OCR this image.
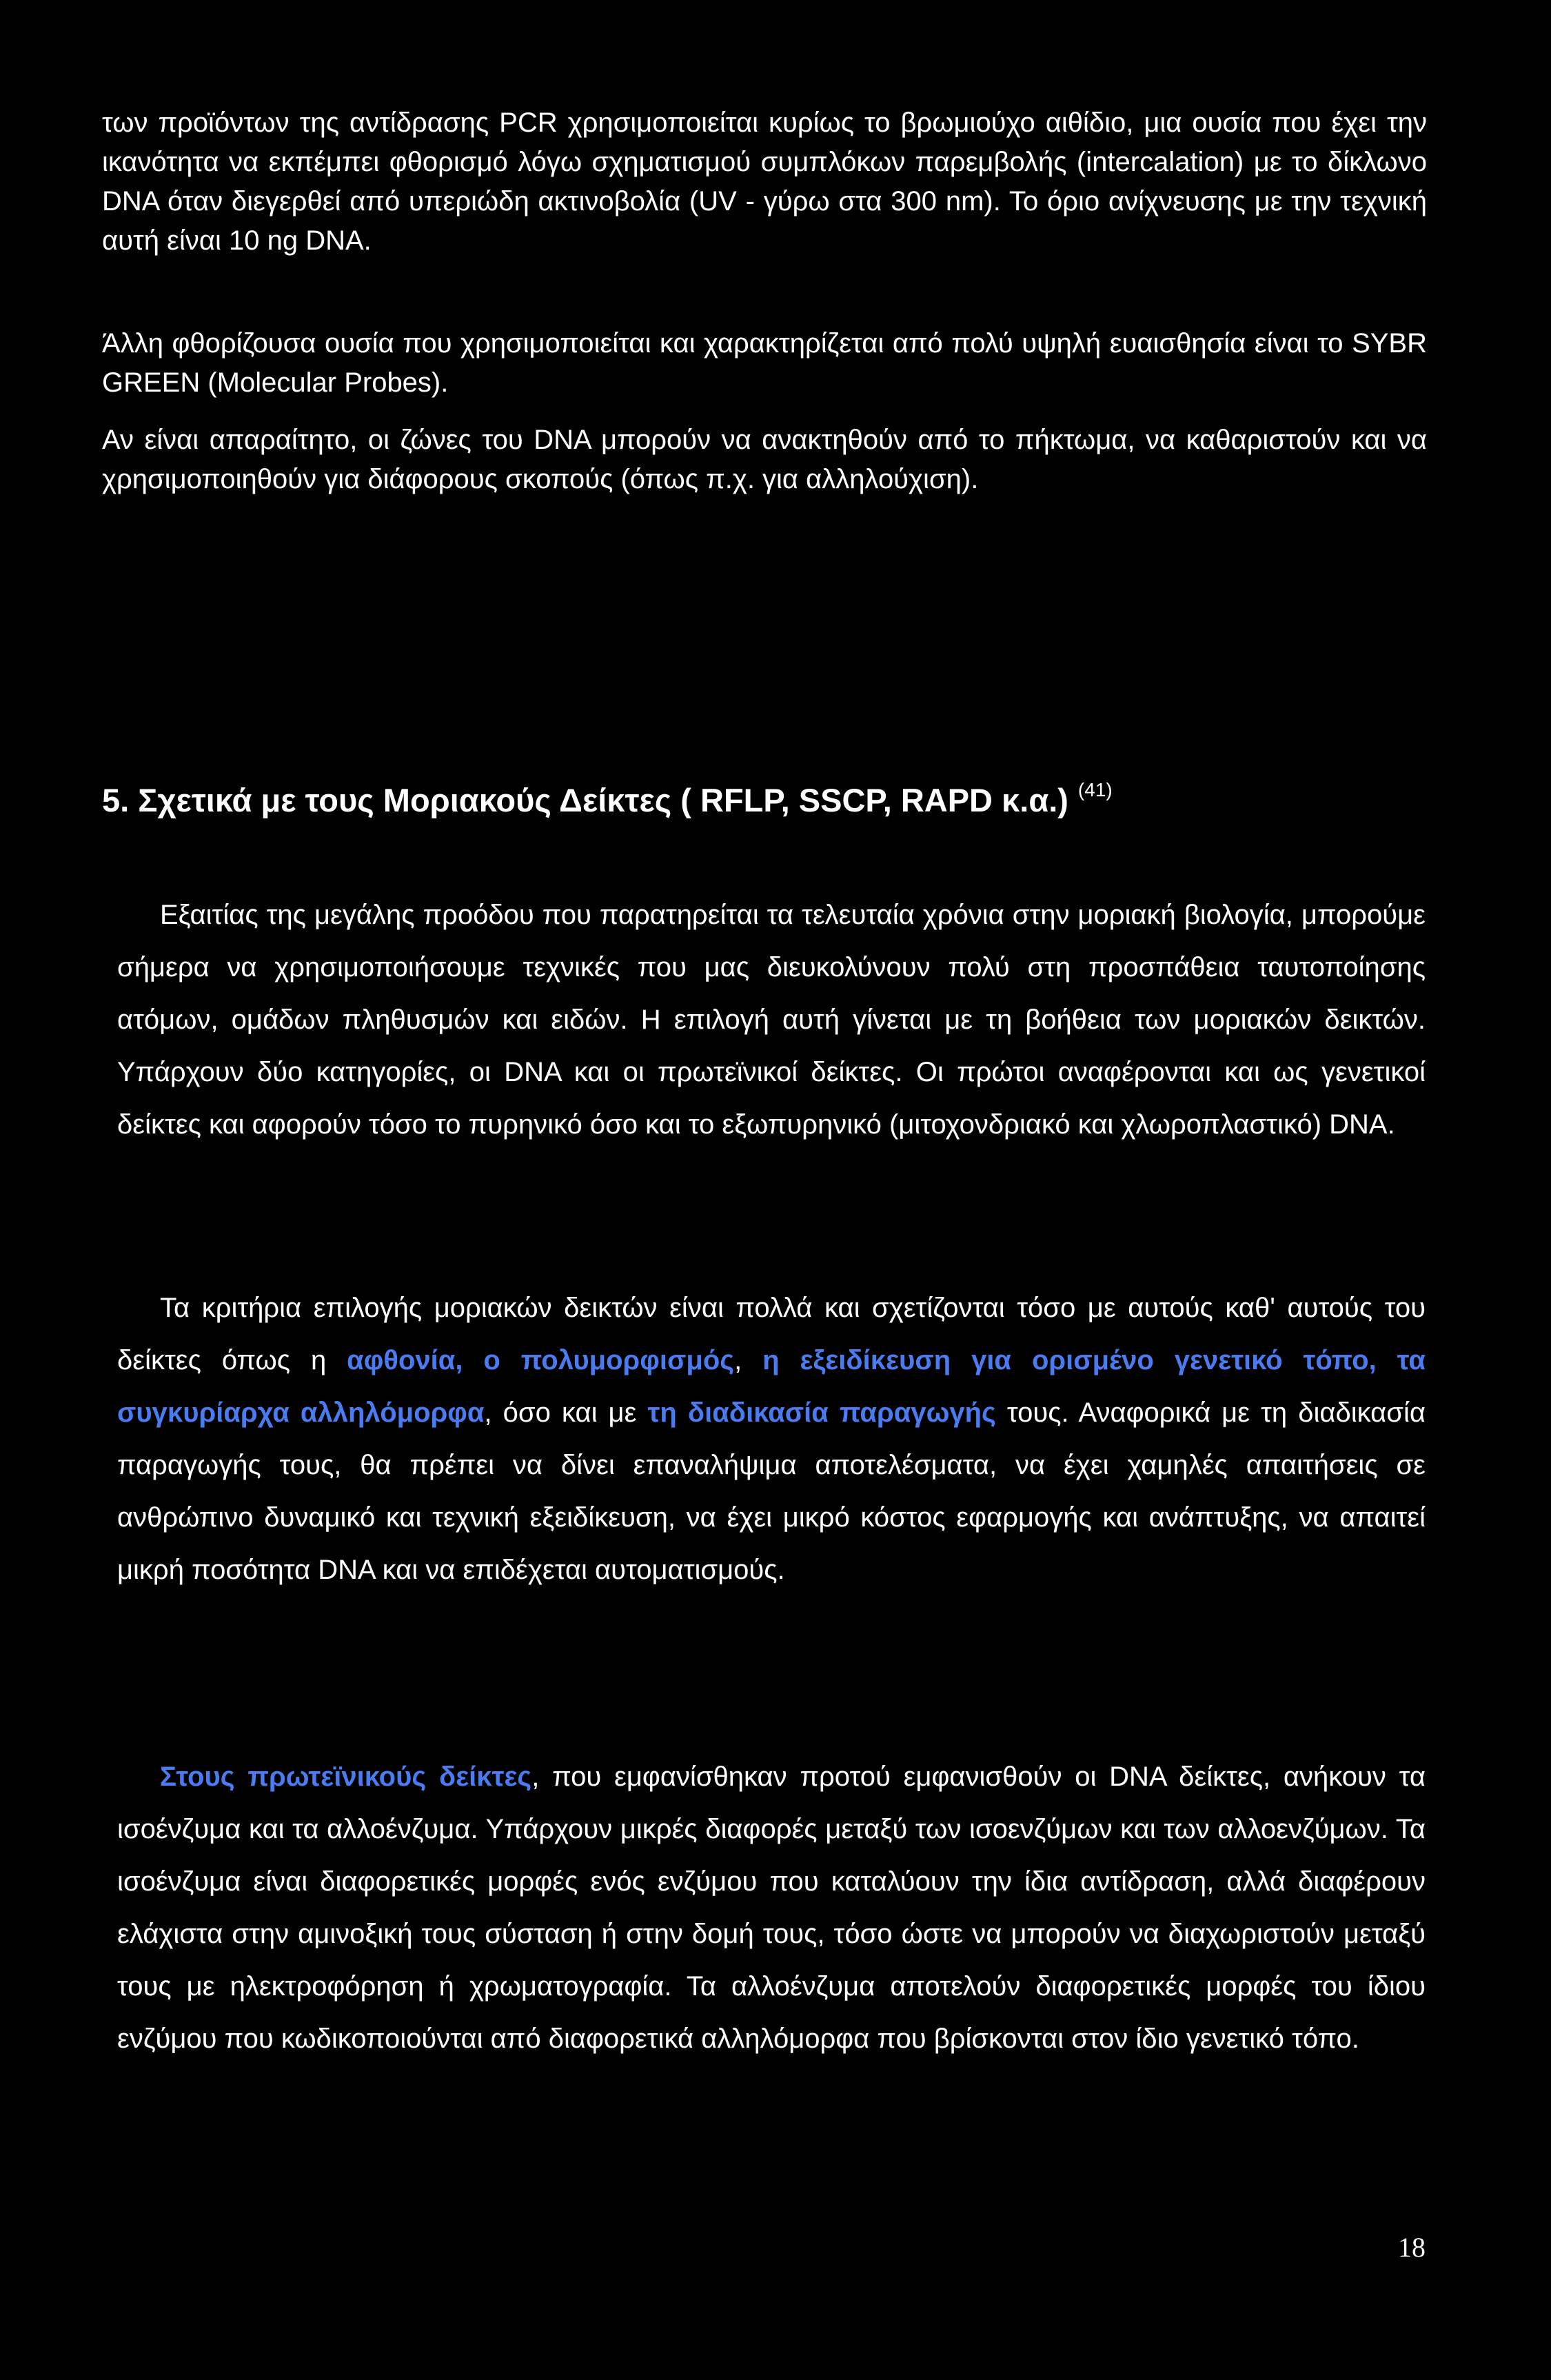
των προϊόντων της αντίδρασης PCR χρησιμοποιείται κυρίως το βρωμιούχο αιθίδιο, μια ουσία που έχει την ικανότητα να εκπέμπει φθορισμό λόγω σχηματισμού συμπλόκων παρεμβολής (intercalation) με το δίκλωνο DNA όταν διεγερθεί από υπεριώδη ακτινοβολία (UV - γύρω στα 300 nm). Το όριο ανίχνευσης με την τεχνική αυτή είναι 10 ng DNA.

Άλλη φθορίζουσα ουσία που χρησιμοποιείται και χαρακτηρίζεται από πολύ υψηλή ευαισθησία είναι το SYBR GREEN (Molecular Probes).

Αν είναι απαραίτητο, οι ζώνες του DNA μπορούν να ανακτηθούν από το πήκτωμα, να καθαριστούν και να χρησιμοποιηθούν για διάφορους σκοπούς (όπως π.χ. για αλληλούχιση).

5. Σχετικά με τους Μοριακούς Δείκτες ( RFLP, SSCP, RAPD κ.α.) $^{(41)}$

Εξαιτίας της μεγάλης προόδου που παρατηρείται τα τελευταία χρόνια στην μοριακή βιολογία, μπορούμε σήμερα να χρησιμοποιήσουμε τεχνικές που μας διευκολύνουν πολύ στη προσπάθεια ταυτοποίησης ατόμων, ομάδων πληθυσμών και ειδών. Η επιλογή αυτή γίνεται με τη βοήθεια των μοριακών δεικτών. Υπάρχουν δύο κατηγορίες, οι DNA και οι πρωτεϊνικοί δείκτες. Οι πρώτοι αναφέρονται και ως γενετικοί δείκτες και αφορούν τόσο το πυρηνικό όσο και το εξωπυρηνικό (μιτοχονδριακό και χλωροπλαστικό) DNA.

Τα κριτήρια επιλογής μοριακών δεικτών είναι πολλά και σχετίζονται τόσο με αυτούς καθ' αυτούς του δείκτες όπως η αφθονία, ο πολυμορφισμός, η εξειδίκευση για ορισμένο γενετικό τόπο, τα συγκυρίαρχα αλληλόμορφα, όσο και με τη διαδικασία παραγωγής τους. Αναφορικά με τη διαδικασία παραγωγής τους, θα πρέπει να δίνει επαναλήψιμα αποτελέσματα, να έχει χαμηλές απαιτήσεις σε ανθρώπινο δυναμικό και τεχνική εξειδίκευση, να έχει μικρό κόστος εφαρμογής και ανάπτυξης, να απαιτεί μικρή ποσότητα DNA και να επιδέχεται αυτοματισμούς.

Στους πρωτεϊνικούς δείκτες, που εμφανίσθηκαν προτού εμφανισθούν οι DNA δείκτες, ανήκουν τα ισοένζυμα και τα αλλοένζυμα. Υπάρχουν μικρές διαφορές μεταξύ των ισοενζύμων και των αλλοενζύμων. Τα ισοένζυμα είναι διαφορετικές μορφές ενός ενζύμου που καταλύουν την ίδια αντίδραση, αλλά διαφέρουν ελάχιστα στην αμινοξική τους σύσταση ή στην δομή τους, τόσο ώστε να μπορούν να διαχωριστούν μεταξύ τους με ηλεκτροφόρηση ή χρωματογραφία. Τα αλλοένζυμα αποτελούν διαφορετικές μορφές του ίδιου ενζύμου που κωδικοποιούνται από διαφορετικά αλληλόμορφα που βρίσκονται στον ίδιο γενετικό τόπο.

18
